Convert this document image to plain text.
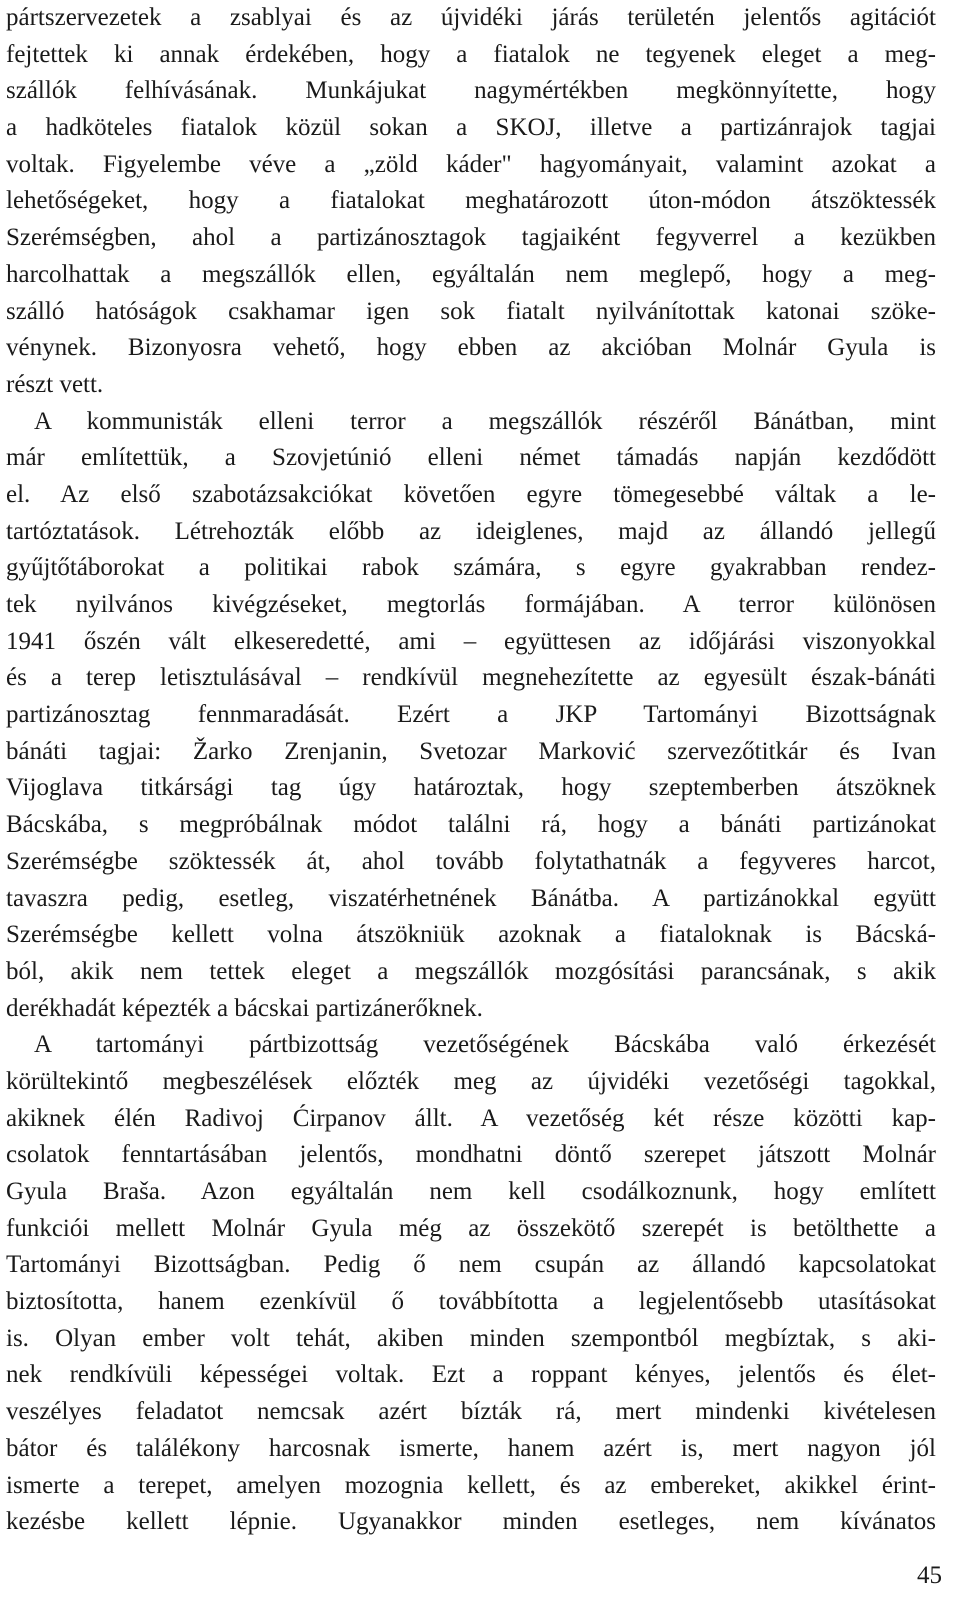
pártszervezetek a zsablyai és az újvidéki járás területén jelentős agitációt
fejtettek ki annak érdekében, hogy a fiatalok ne tegyenek eleget a meg-
szállók felhívásának. Munkájukat nagymértékben megkönnyítette, hogy
a hadköteles fiatalok közül sokan a SKOJ, illetve a partizánrajok tagjai
voltak. Figyelembe véve a „zöld káder" hagyományait, valamint azokat a
lehetőségeket, hogy a fiatalokat meghatározott úton-módon átszöktessék
Szerémségben, ahol a partizánosztagok tagjaiként fegyverrel a kezükben
harcolhattak a megszállók ellen, egyáltalán nem meglepő, hogy a meg-
szálló hatóságok csakhamar igen sok fiatalt nyilvánítottak katonai szöke-
vénynek. Bizonyosra vehető, hogy ebben az akcióban Molnár Gyula is
részt vett.
A kommunisták elleni terror a megszállók részéről Bánátban, mint
már említettük, a Szovjetúnió elleni német támadás napján kezdődött
el. Az első szabotázsakciókat követően egyre tömegesebbé váltak a le-
tartóztatások. Létrehozták előbb az ideiglenes, majd az állandó jellegű
gyűjtőtáborokat a politikai rabok számára, s egyre gyakrabban rendez-
tek nyilvános kivégzéseket, megtorlás formájában. A terror különösen
1941 őszén vált elkeseredetté, ami – együttesen az időjárási viszonyokkal
és a terep letisztulásával – rendkívül megnehezítette az egyesült észak-bánáti
partizánosztag fennmaradását. Ezért a JKP Tartományi Bizottságnak
bánáti tagjai: Žarko Zrenjanin, Svetozar Marković szervezőtitkár és Ivan
Vijoglava titkársági tag úgy határoztak, hogy szeptemberben átszöknek
Bácskába, s megpróbálnak módot találni rá, hogy a bánáti partizánokat
Szerémségbe szöktessék át, ahol tovább folytathatnák a fegyveres harcot,
tavaszra pedig, esetleg, viszatérhetnének Bánátba. A partizánokkal együtt
Szerémségbe kellett volna átszökniük azoknak a fiataloknak is Bácská-
ból, akik nem tettek eleget a megszállók mozgósítási parancsának, s akik
derékhadát képezték a bácskai partizánerőknek.
A tartományi pártbizottság vezetőségének Bácskába való érkezését
körültekintő megbeszélések előzték meg az újvidéki vezetőségi tagokkal,
akiknek élén Radivoj Ćirpanov állt. A vezetőség két része közötti kap-
csolatok fenntartásában jelentős, mondhatni döntő szerepet játszott Molnár
Gyula Braša. Azon egyáltalán nem kell csodálkoznunk, hogy említett
funkciói mellett Molnár Gyula még az összekötő szerepét is betölthette a
Tartományi Bizottságban. Pedig ő nem csupán az állandó kapcsolatokat
biztosította, hanem ezenkívül ő továbbította a legjelentősebb utasításokat
is. Olyan ember volt tehát, akiben minden szempontból megbíztak, s aki-
nek rendkívüli képességei voltak. Ezt a roppant kényes, jelentős és élet-
veszélyes feladatot nemcsak azért bízták rá, mert mindenki kivételesen
bátor és találékony harcosnak ismerte, hanem azért is, mert nagyon jól
ismerte a terepet, amelyen mozognia kellett, és az embereket, akikkel érint-
kezésbe kellett lépnie. Ugyanakkor minden esetleges, nem kívánatos
45
